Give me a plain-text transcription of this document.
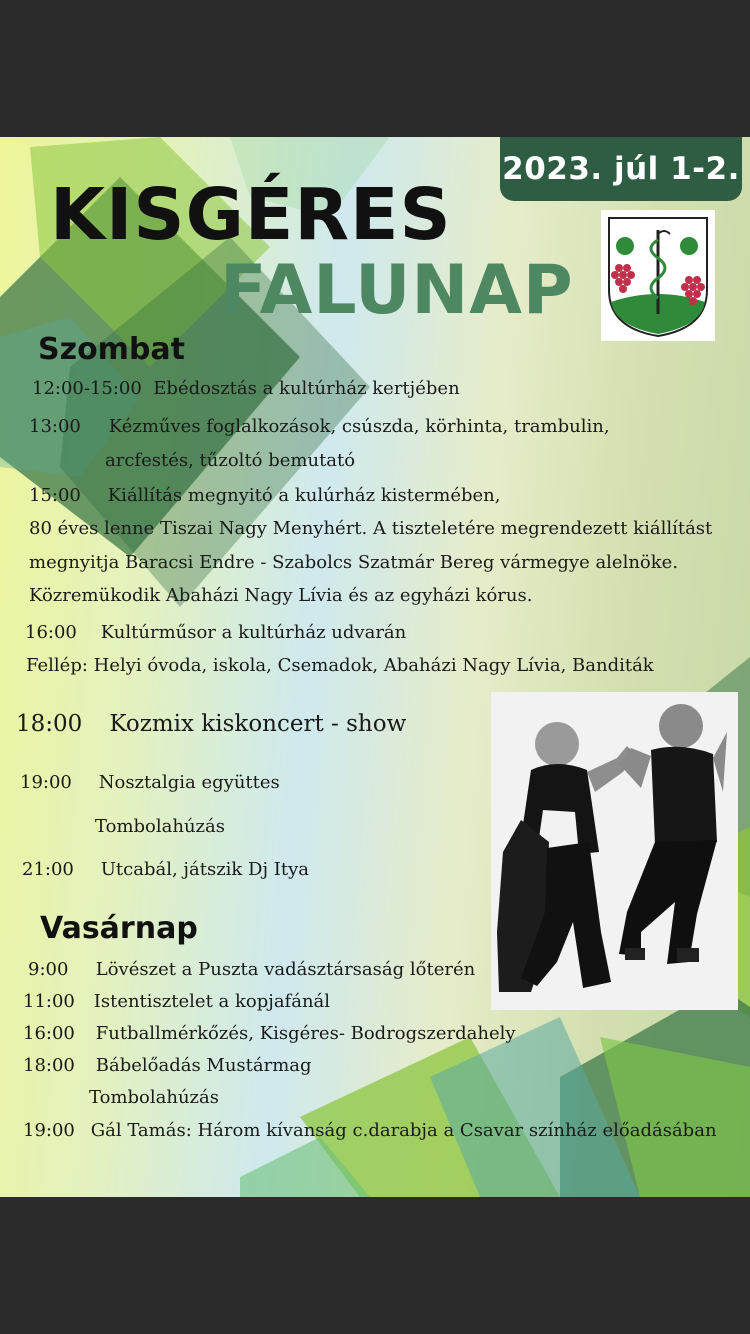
2023. júl 1-2.
KISGÉRES
FALUNAP
Szombat
12:00-15:00 Ebédosztás a kultúrház kertjében
13:00 Kézműves foglalkozások, csúszda, körhinta, trambulin,
arcfestés, tűzoltó bemutató
15:00 Kiállítás megnyitó a kulúrház kistermében,
80 éves lenne Tiszai Nagy Menyhért. A tiszteletére megrendezett kiállítást
megnyitja Baracsi Endre - Szabolcs Szatmár Bereg vármegye alelnöke.
Közremükodik Abaházi Nagy Lívia és az egyházi kórus.
16:00 Kultúrműsor a kultúrház udvarán
Fellép: Helyi óvoda, iskola, Csemadok, Abaházi Nagy Lívia, Banditák
18:00 Kozmix kiskoncert - show
19:00 Nosztalgia együttes
Tombolahúzás
21:00 Utcabál, játszik Dj Itya
Vasárnap
9:00 Lövészet a Puszta vadásztársaság lőterén
11:00 Istentisztelet a kopjafánál
16:00 Futballmérkőzés, Kisgéres- Bodrogszerdahely
18:00 Bábelőadás Mustármag
Tombolahúzás
19:00 Gál Tamás: Három kívanság c.darabja a Csavar színház előadásában
